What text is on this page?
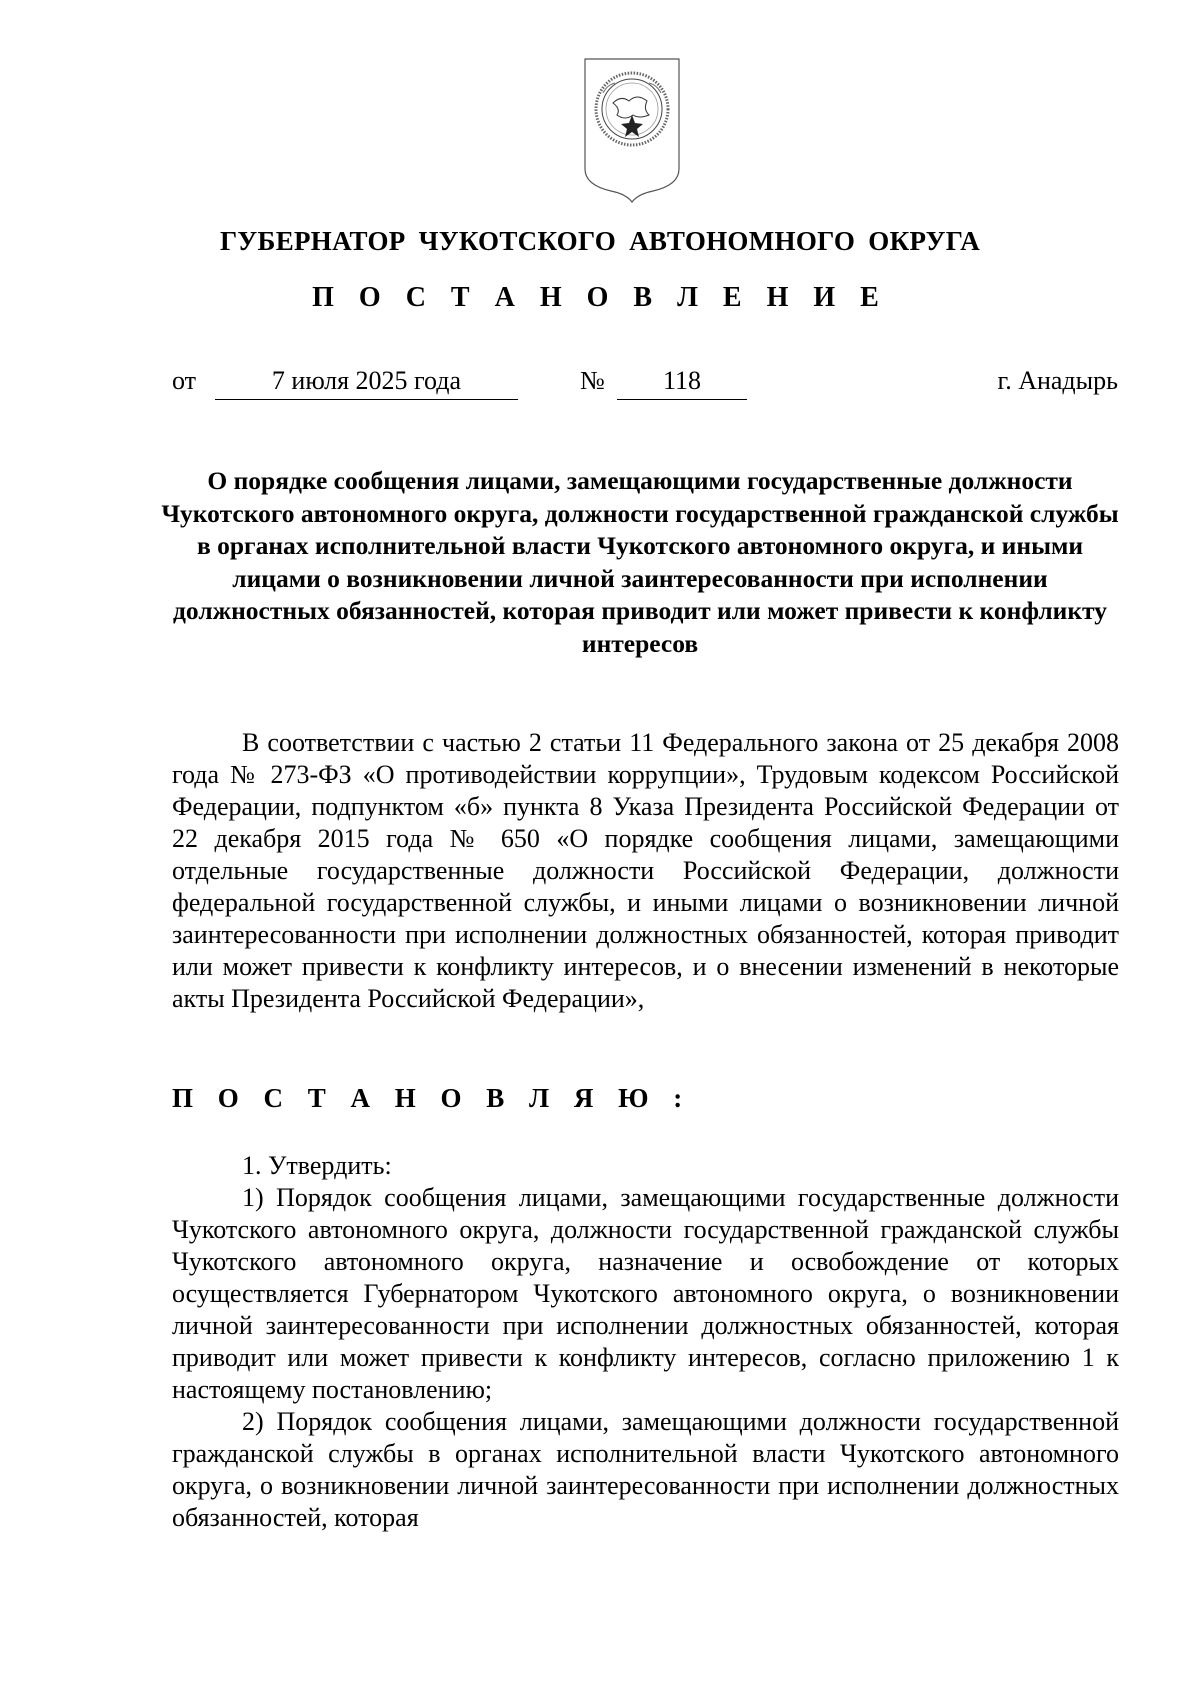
ГУБЕРНАТОР ЧУКОТСКОГО АВТОНОМНОГО ОКРУГА
П О С Т А Н О В Л Е Н И Е
от	7 июля 2025 года	№	118	г. Анадырь
О порядке сообщения лицами, замещающими государственные должности Чукотского автономного округа, должности государственной гражданской службы в органах исполнительной власти Чукотского автономного округа, и иными лицами о возникновении личной заинтересованности при исполнении должностных обязанностей, которая приводит или может привести к конфликту интересов

В соответствии с частью 2 статьи 11 Федерального закона от 25 декабря 2008 года № 273-ФЗ «О противодействии коррупции», Трудовым кодексом Российской Федерации, подпунктом «б» пункта 8 Указа Президента Российской Федерации от 22 декабря 2015 года № 650 «О порядке сообщения лицами, замещающими отдельные государственные должности Российской Федерации, должности федеральной государственной службы, и иными лицами о возникновении личной заинтересованности при исполнении должностных обязанностей, которая приводит или может привести к конфликту интересов, и о внесении изменений в некоторые акты Президента Российской Федерации»,

П О С Т А Н О В Л Я Ю :

1. Утвердить:

1) Порядок сообщения лицами, замещающими государственные должности Чукотского автономного округа, должности государственной гражданской службы Чукотского автономного округа, назначение и освобождение от которых осуществляется Губернатором Чукотского автономного округа, о возникновении личной заинтересованности при исполнении должностных обязанностей, которая приводит или может привести к конфликту интересов, согласно приложению 1 к настоящему постановлению;

2) Порядок сообщения лицами, замещающими должности государственной гражданской службы в органах исполнительной власти Чукотского автономного округа, о возникновении личной заинтересованности при исполнении должностных обязанностей, которая
